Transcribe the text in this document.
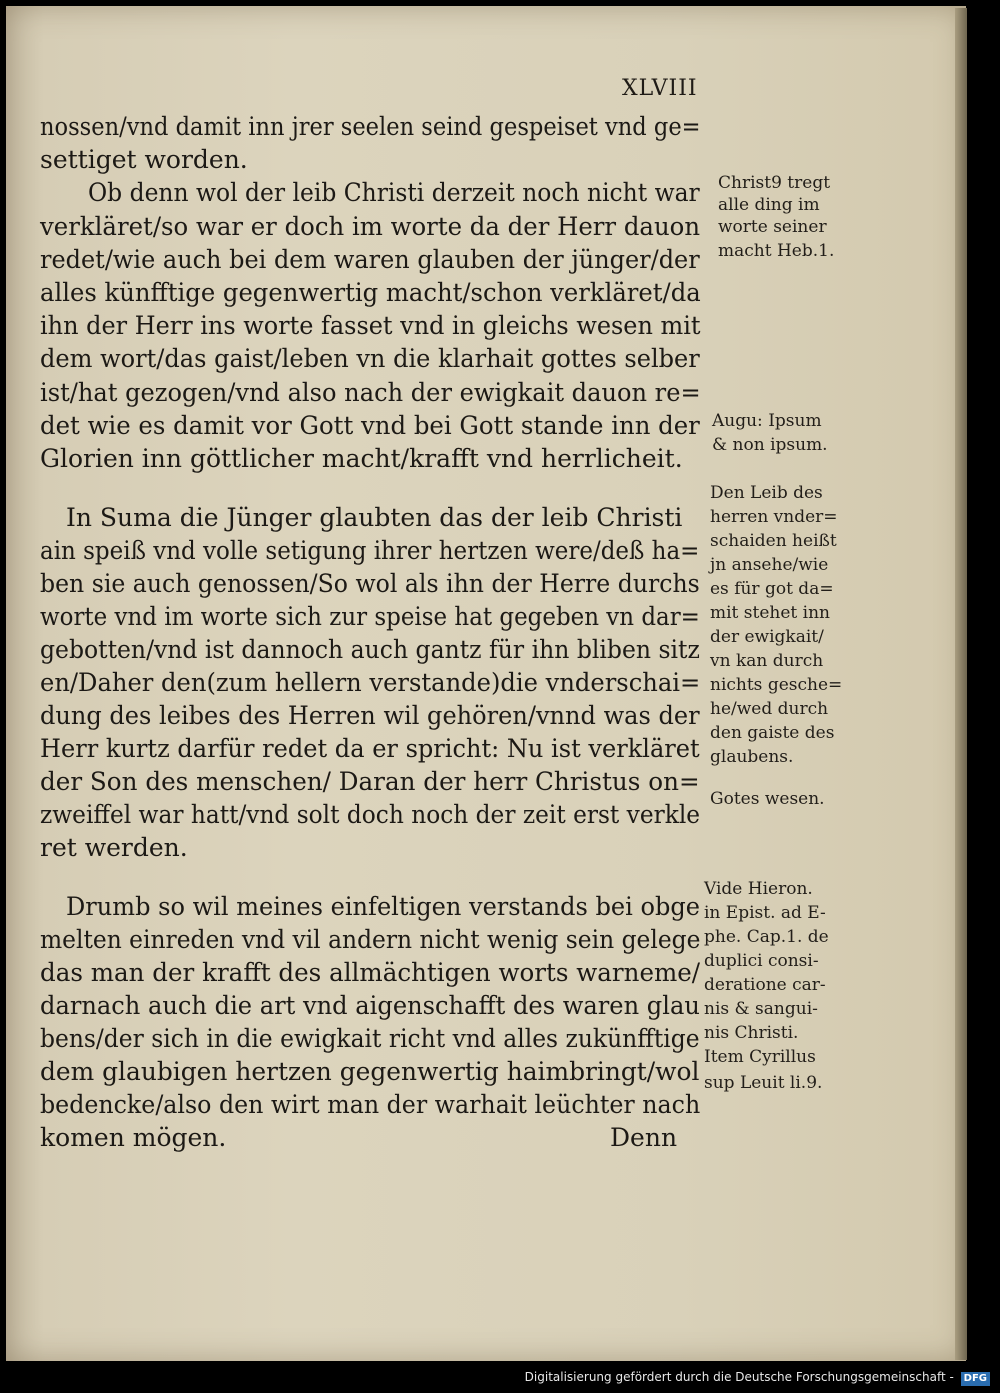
XLVIII
nossen/vnd damit inn jrer seelen seind gespeiset vnd ge=
settiget worden.
Ob denn wol der leib Christi derzeit noch nicht war
verkläret/so war er doch im worte da der Herr dauon
redet/wie auch bei dem waren glauben der jünger/der
alles künfftige gegenwertig macht/schon verkläret/da
ihn der Herr ins worte fasset vnd in gleichs wesen mit
dem wort/das gaist/leben vn die klarhait gottes selber
ist/hat gezogen/vnd also nach der ewigkait dauon re=
det wie es damit vor Gott vnd bei Gott stande inn der
Glorien inn göttlicher macht/krafft vnd herrlicheit.
In Suma die Jünger glaubten das der leib Christi
ain speiß vnd volle setigung ihrer hertzen were/deß ha=
ben sie auch genossen/So wol als ihn der Herre durchs
worte vnd im worte sich zur speise hat gegeben vn dar=
gebotten/vnd ist dannoch auch gantz für ihn bliben sitz
en/Daher den(zum hellern verstande)die vnderschai=
dung des leibes des Herren wil gehören/vnnd was der
Herr kurtz darfür redet da er spricht: Nu ist verkläret
der Son des menschen/ Daran der herr Christus on=
zweiffel war hatt/vnd solt doch noch der zeit erst verkle
ret werden.
Drumb so wil meines einfeltigen verstands bei obge
melten einreden vnd vil andern nicht wenig sein gelege
das man der krafft des allmächtigen worts warneme/
darnach auch die art vnd aigenschafft des waren glau
bens/der sich in die ewigkait richt vnd alles zukünfftige
dem glaubigen hertzen gegenwertig haimbringt/wol
bedencke/also den wirt man der warhait leüchter nach
komen mögen.	Denn
Christ9 tregt
alle ding im
worte seiner
macht Heb.1.
Augu: Ipsum
& non ipsum.
Den Leib des
herren vnder=
schaiden heißt
jn ansehe/wie
es für got da=
mit stehet inn
der ewigkait/
vn kan durch
nichts gesche=
he/wed durch
den gaiste des
glaubens.
Gotes wesen.
Vide Hieron.
in Epist. ad E-
phe. Cap.1. de
duplici consi-
deratione car-
nis & sangui-
nis Christi.
Item Cyrillus
sup Leuit li.9.
Digitalisierung gefördert durch die Deutsche Forschungsgemeinschaft - DFG
